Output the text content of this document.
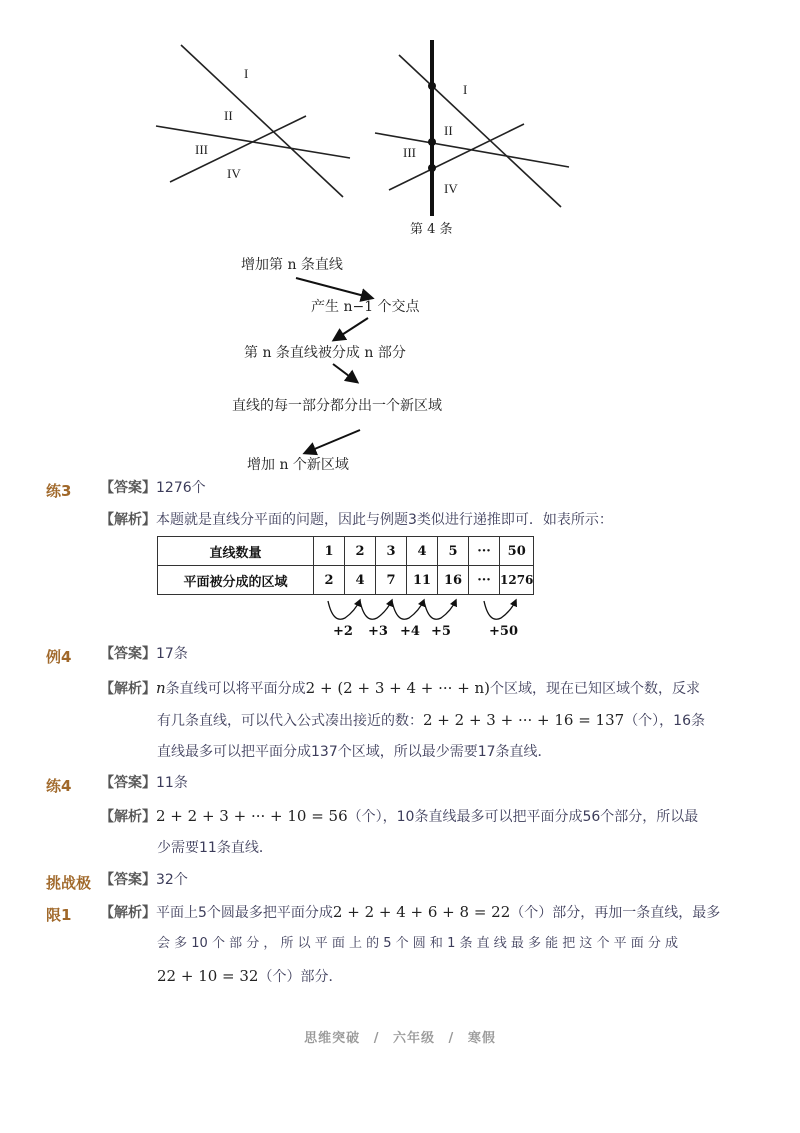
I
II
III
IV
I
II
III
IV
第 4 条
增加第 n 条直线
产生 n−1 个交点
第 n 条直线被分成 n 部分
直线的每一部分都分出一个新区域
增加 n 个新区域
练3 【答案】1276个
【解析】本题就是直线分平面的问题，因此与例题3类似进行递推即可．如表所示：
直线数量	1	2	3	4	5	···	50
平面被分成的区域	2	4	7	11	16	···	1276
+2 +3 +4 +5	+50
例4 【答案】17条
【解析】n条直线可以将平面分成2 + (2 + 3 + 4 + ··· + n)个区域，现在已知区域个数，反求
有几条直线，可以代入公式凑出接近的数：2 + 2 + 3 + ··· + 16 = 137（个），16条
直线最多可以把平面分成137个区域，所以最少需要17条直线．
练4 【答案】11条
【解析】2 + 2 + 3 + ··· + 10 = 56（个），10条直线最多可以把平面分成56个部分，所以最
少需要11条直线．
挑战极
限1
【答案】32个
【解析】平面上5个圆最多把平面分成2 + 2 + 4 + 6 + 8 = 22（个）部分，再加一条直线，最多
会 多 10 个 部 分 ， 所 以 平 面 上 的 5 个 圆 和 1 条 直 线 最 多 能 把 这 个 平 面 分 成
22 + 10 = 32（个）部分．
思维突破 / 六年级 / 寒假
